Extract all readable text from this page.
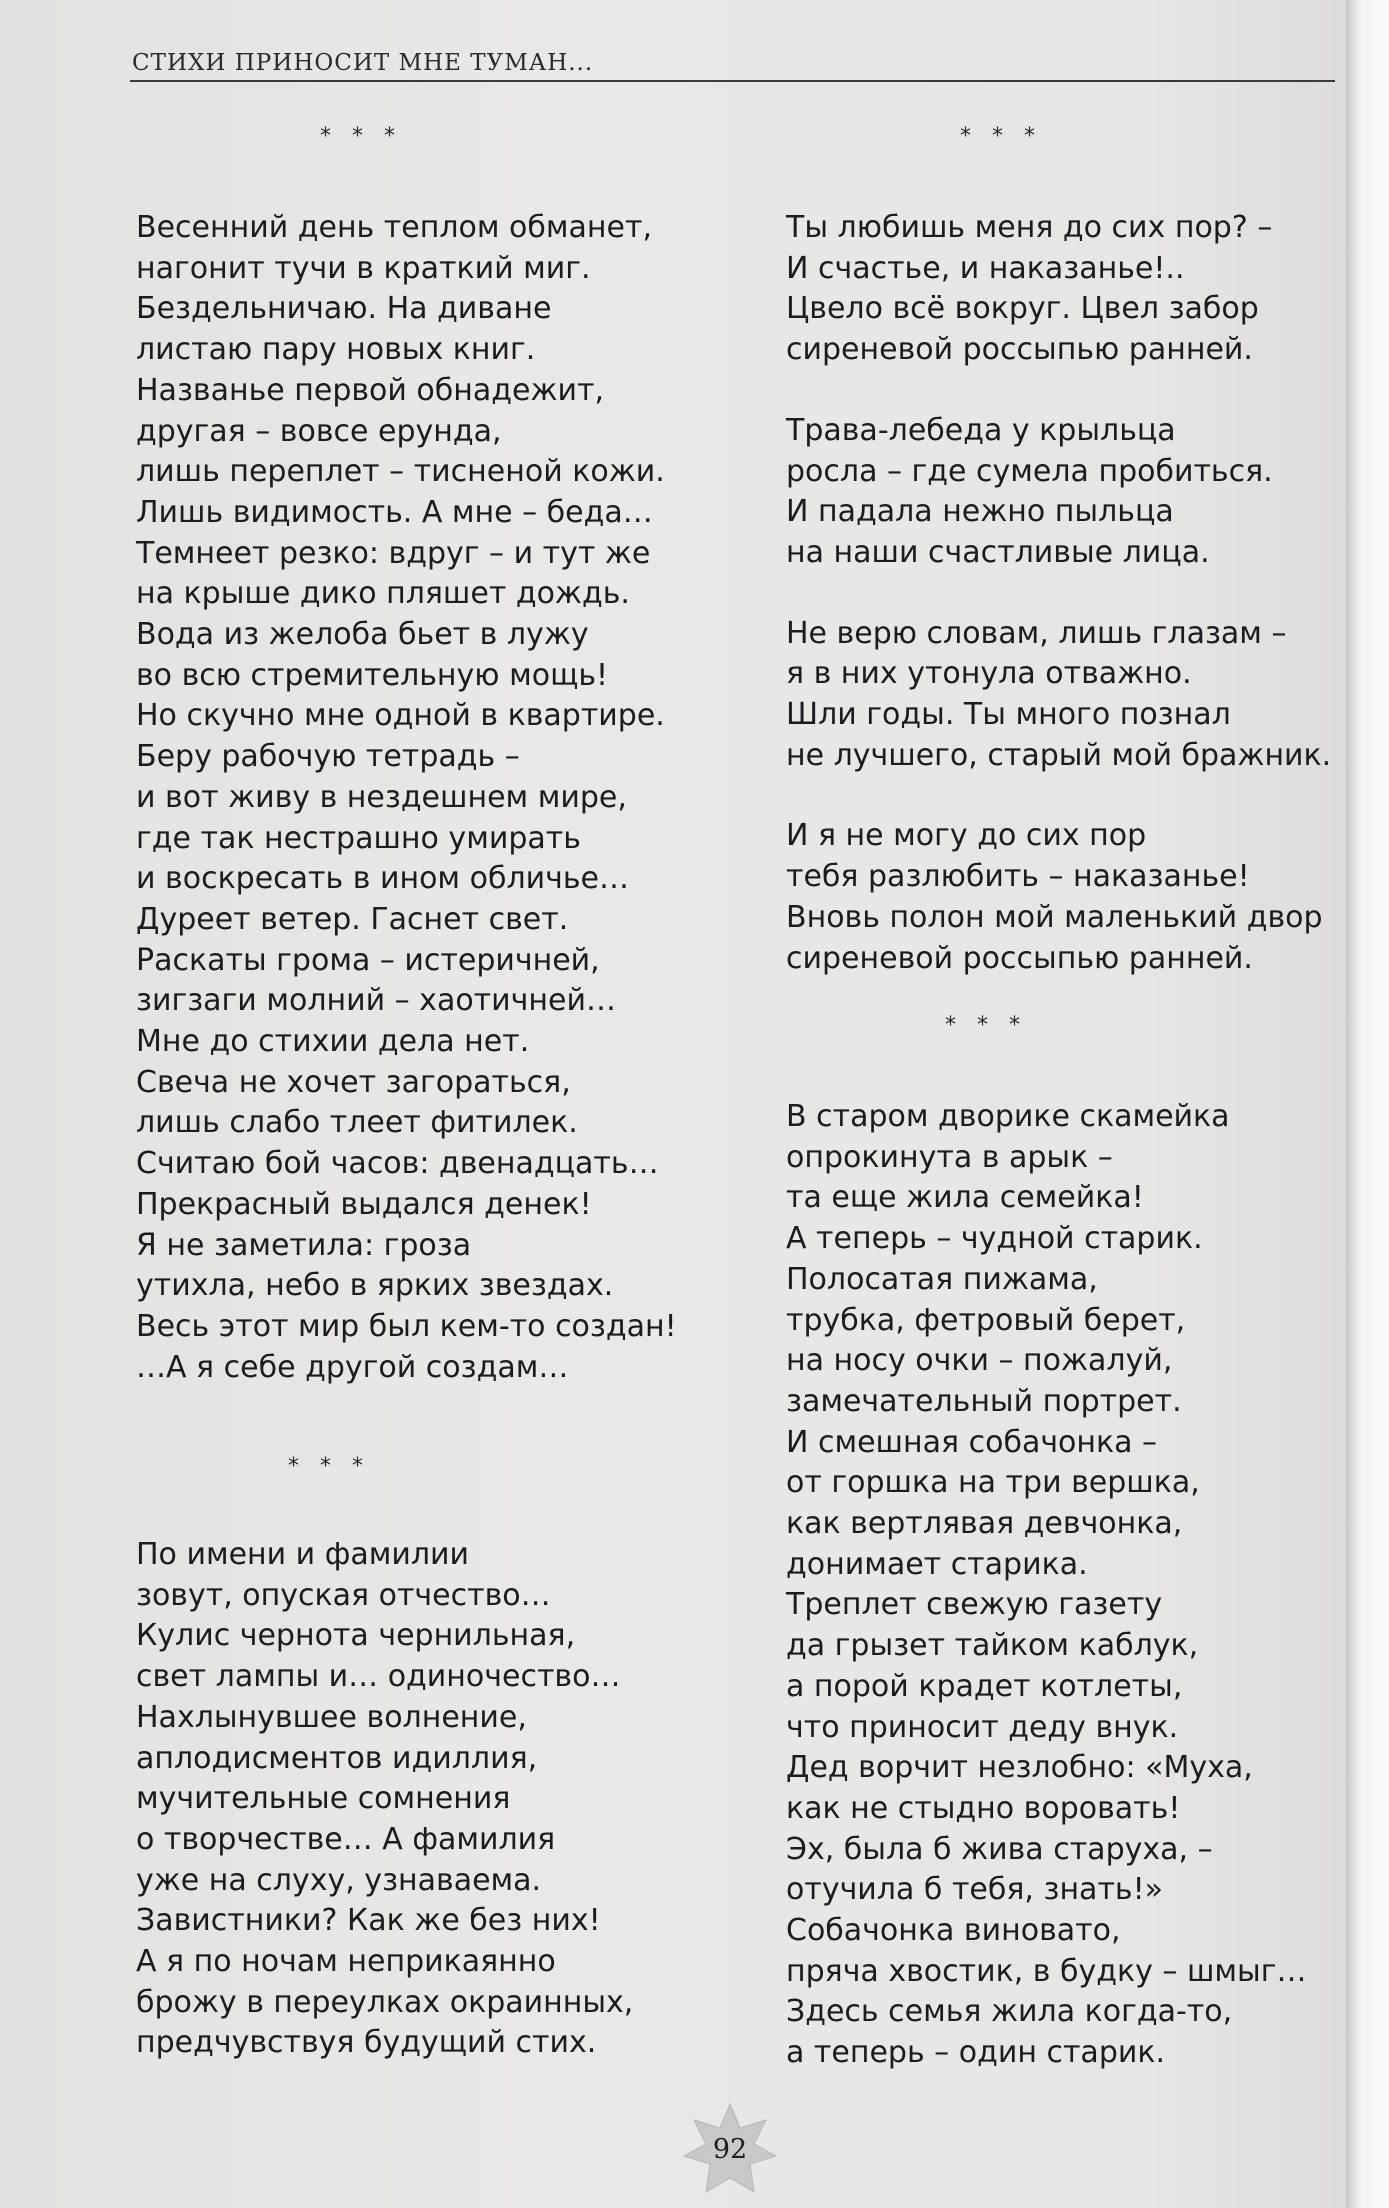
СТИХИ ПРИНОСИТ МНЕ ТУМАН...
* * *	* * *
Весенний день теплом обманет,
нагонит тучи в краткий миг.
Бездельничаю. На диване
листаю пару новых книг.
Названье первой обнадежит,
другая – вовсе ерунда,
лишь переплет – тисненой кожи.
Лишь видимость. А мне – беда…
Темнеет резко: вдруг – и тут же
на крыше дико пляшет дождь.
Вода из желоба бьет в лужу
во всю стремительную мощь!
Но скучно мне одной в квартире.
Беру рабочую тетрадь –
и вот живу в нездешнем мире,
где так нестрашно умирать
и воскресать в ином обличье…
Дуреет ветер. Гаснет свет.
Раскаты грома – истеричней,
зигзаги молний – хаотичней…
Мне до стихии дела нет.
Свеча не хочет загораться,
лишь слабо тлеет фитилек.
Считаю бой часов: двенадцать…
Прекрасный выдался денек!
Я не заметила: гроза
утихла, небо в ярких звездах.
Весь этот мир был кем-то создан!
…А я себе другой создам…
* * *
По имени и фамилии
зовут, опуская отчество…
Кулис чернота чернильная,
свет лампы и… одиночество…
Нахлынувшее волнение,
аплодисментов идиллия,
мучительные сомнения
о творчестве… А фамилия
уже на слуху, узнаваема.
Завистники? Как же без них!
А я по ночам неприкаянно
брожу в переулках окраинных,
предчувствуя будущий стих.
Ты любишь меня до сих пор? –
И счастье, и наказанье!..
Цвело всё вокруг. Цвел забор
сиреневой россыпью ранней.
Трава-лебеда у крыльца
росла – где сумела пробиться.
И падала нежно пыльца
на наши счастливые лица.
Не верю словам, лишь глазам –
я в них утонула отважно.
Шли годы. Ты много познал
не лучшего, старый мой бражник.
И я не могу до сих пор
тебя разлюбить – наказанье!
Вновь полон мой маленький двор
сиреневой россыпью ранней.
* * *
В старом дворике скамейка
опрокинута в арык –
та еще жила семейка!
А теперь – чудной старик.
Полосатая пижама,
трубка, фетровый берет,
на носу очки – пожалуй,
замечательный портрет.
И смешная собачонка –
от горшка на три вершка,
как вертлявая девчонка,
донимает старика.
Треплет свежую газету
да грызет тайком каблук,
а порой крадет котлеты,
что приносит деду внук.
Дед ворчит незлобно: «Муха,
как не стыдно воровать!
Эх, была б жива старуха, –
отучила б тебя, знать!»
Собачонка виновато,
пряча хвостик, в будку – шмыг…
Здесь семья жила когда-то,
а теперь – один старик.
92
